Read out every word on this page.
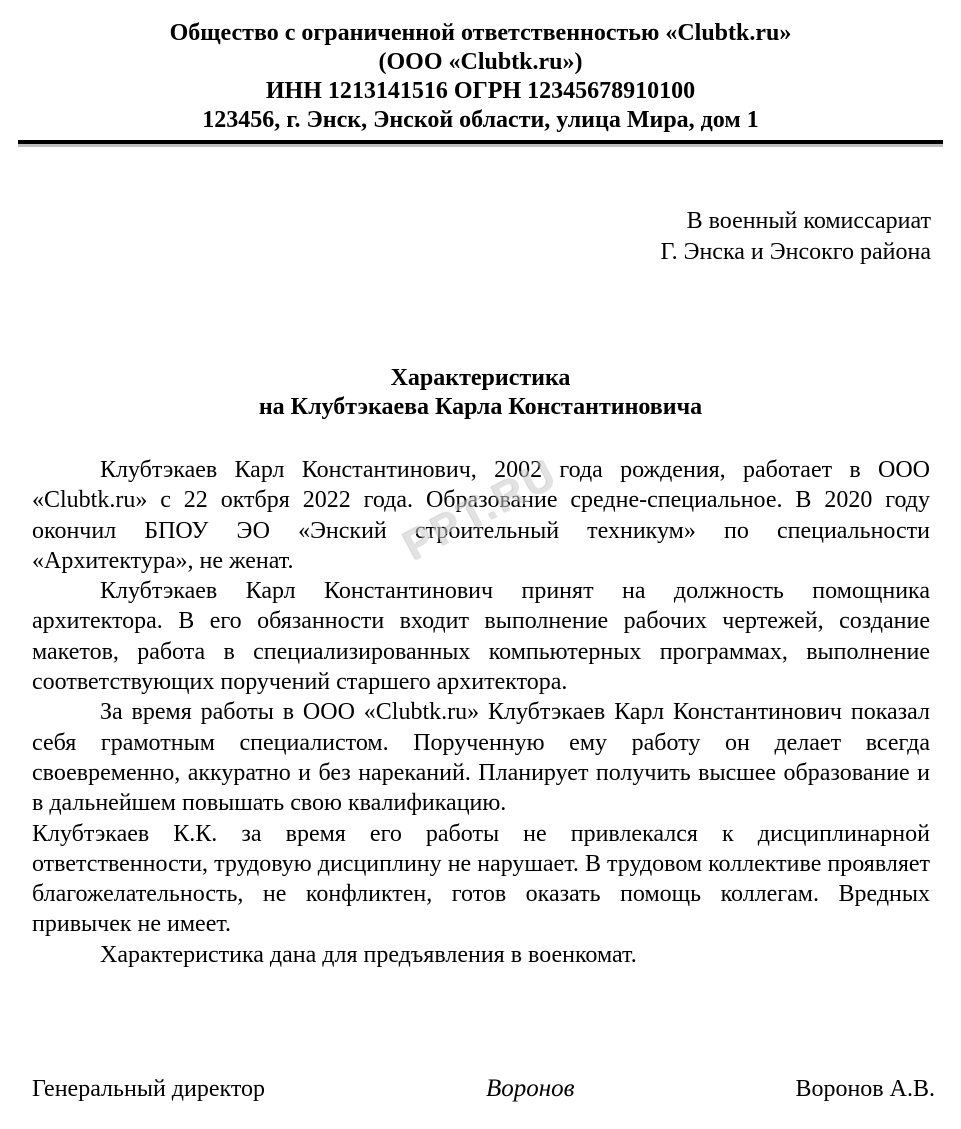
Общество с ограниченной ответственностью «Clubtk.ru»
(ООО «Clubtk.ru»)
ИНН 1213141516 ОГРН 12345678910100
123456, г. Энск, Энской области, улица Мира, дом 1
В военный комиссариат
Г. Энска и Энсокго района
Характеристика
на Клубтэкаева Карла Константиновича

Клубтэкаев Карл Константинович, 2002 года рождения, работает в ООО «Clubtk.ru» с 22 октбря 2022 года. Образование средне-специальное. В 2020 году окончил БПОУ ЭО «Энский строительный техникум» по специальности «Архитектура», не женат.

Клубтэкаев Карл Константинович принят на должность помощника архитектора. В его обязанности входит выполнение рабочих чертежей, создание макетов, работа в специализированных компьютерных программах, выполнение соответствующих поручений старшего архитектора.

За время работы в ООО «Clubtk.ru» Клубтэкаев Карл Константинович показал себя грамотным специалистом. Порученную ему работу он делает всегда своевременно, аккуратно и без нареканий. Планирует получить высшее образование и в дальнейшем повышать свою квалификацию.

Клубтэкаев К.К. за время его работы не привлекался к дисциплинарной ответственности, трудовую дисциплину не нарушает. В трудовом коллективе проявляет благожелательность, не конфликтен, готов оказать помощь коллегам. Вредных привычек не имеет.

Характеристика дана для предъявления в военкомат.

PPT.RU
Генеральный директор	Воронов	Воронов А.В.
